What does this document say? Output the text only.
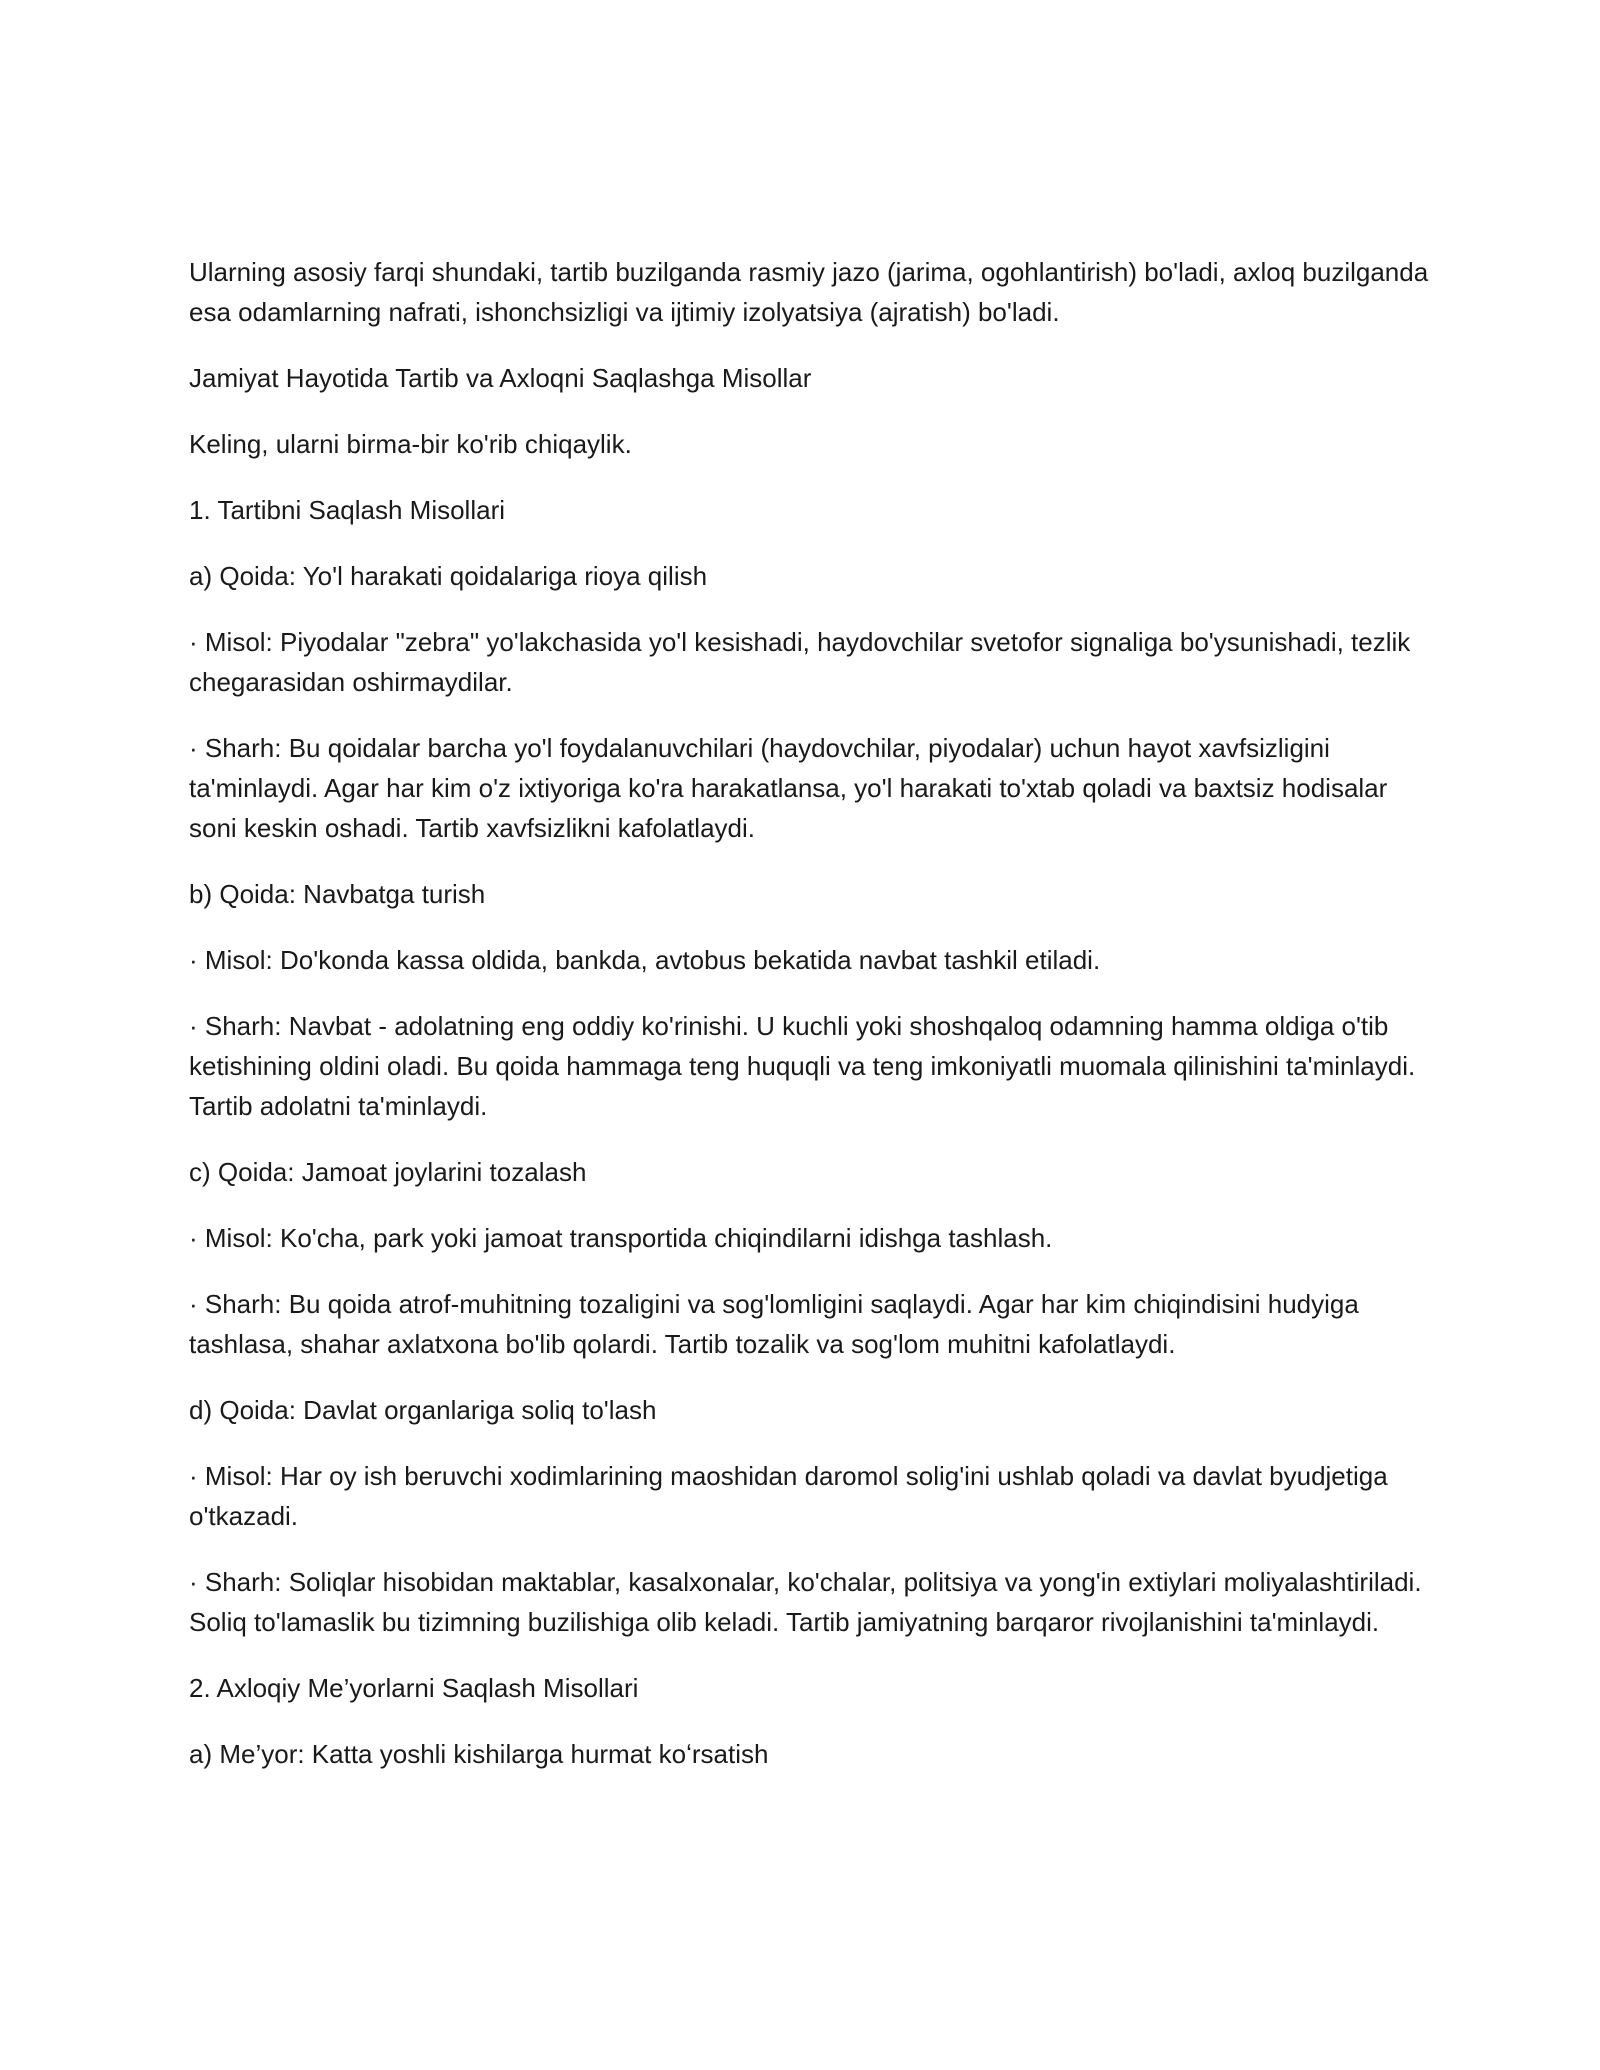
Ularning asosiy farqi shundaki, tartib buzilganda rasmiy jazo (jarima, ogohlantirish) bo'ladi, axloq buzilganda esa odamlarning nafrati, ishonchsizligi va ijtimiy izolyatsiya (ajratish) bo'ladi.

Jamiyat Hayotida Tartib va Axloqni Saqlashga Misollar

Keling, ularni birma-bir ko'rib chiqaylik.

1. Tartibni Saqlash Misollari

a) Qoida: Yo'l harakati qoidalariga rioya qilish

· Misol: Piyodalar "zebra" yo'lakchasida yo'l kesishadi, haydovchilar svetofor signaliga bo'ysunishadi, tezlik chegarasidan oshirmaydilar.

· Sharh: Bu qoidalar barcha yo'l foydalanuvchilari (haydovchilar, piyodalar) uchun hayot xavfsizligini ta'minlaydi. Agar har kim o'z ixtiyoriga ko'ra harakatlansa, yo'l harakati to'xtab qoladi va baxtsiz hodisalar soni keskin oshadi. Tartib xavfsizlikni kafolatlaydi.

b) Qoida: Navbatga turish

· Misol: Do'konda kassa oldida, bankda, avtobus bekatida navbat tashkil etiladi.

· Sharh: Navbat - adolatning eng oddiy ko'rinishi. U kuchli yoki shoshqaloq odamning hamma oldiga o'tib ketishining oldini oladi. Bu qoida hammaga teng huquqli va teng imkoniyatli muomala qilinishini ta'minlaydi. Tartib adolatni ta'minlaydi.

c) Qoida: Jamoat joylarini tozalash

· Misol: Ko'cha, park yoki jamoat transportida chiqindilarni idishga tashlash.

· Sharh: Bu qoida atrof-muhitning tozaligini va sog'lomligini saqlaydi. Agar har kim chiqindisini hudyiga tashlasa, shahar axlatxona bo'lib qolardi. Tartib tozalik va sog'lom muhitni kafolatlaydi.

d) Qoida: Davlat organlariga soliq to'lash

· Misol: Har oy ish beruvchi xodimlarining maoshidan daromol solig'ini ushlab qoladi va davlat byudjetiga o'tkazadi.

· Sharh: Soliqlar hisobidan maktablar, kasalxonalar, ko'chalar, politsiya va yong'in extiylari moliyalashtiriladi. Soliq to'lamaslik bu tizimning buzilishiga olib keladi. Tartib jamiyatning barqaror rivojlanishini ta'minlaydi.

2. Axloqiy Me’yorlarni Saqlash Misollari

a) Me’yor: Katta yoshli kishilarga hurmat koʻrsatish
